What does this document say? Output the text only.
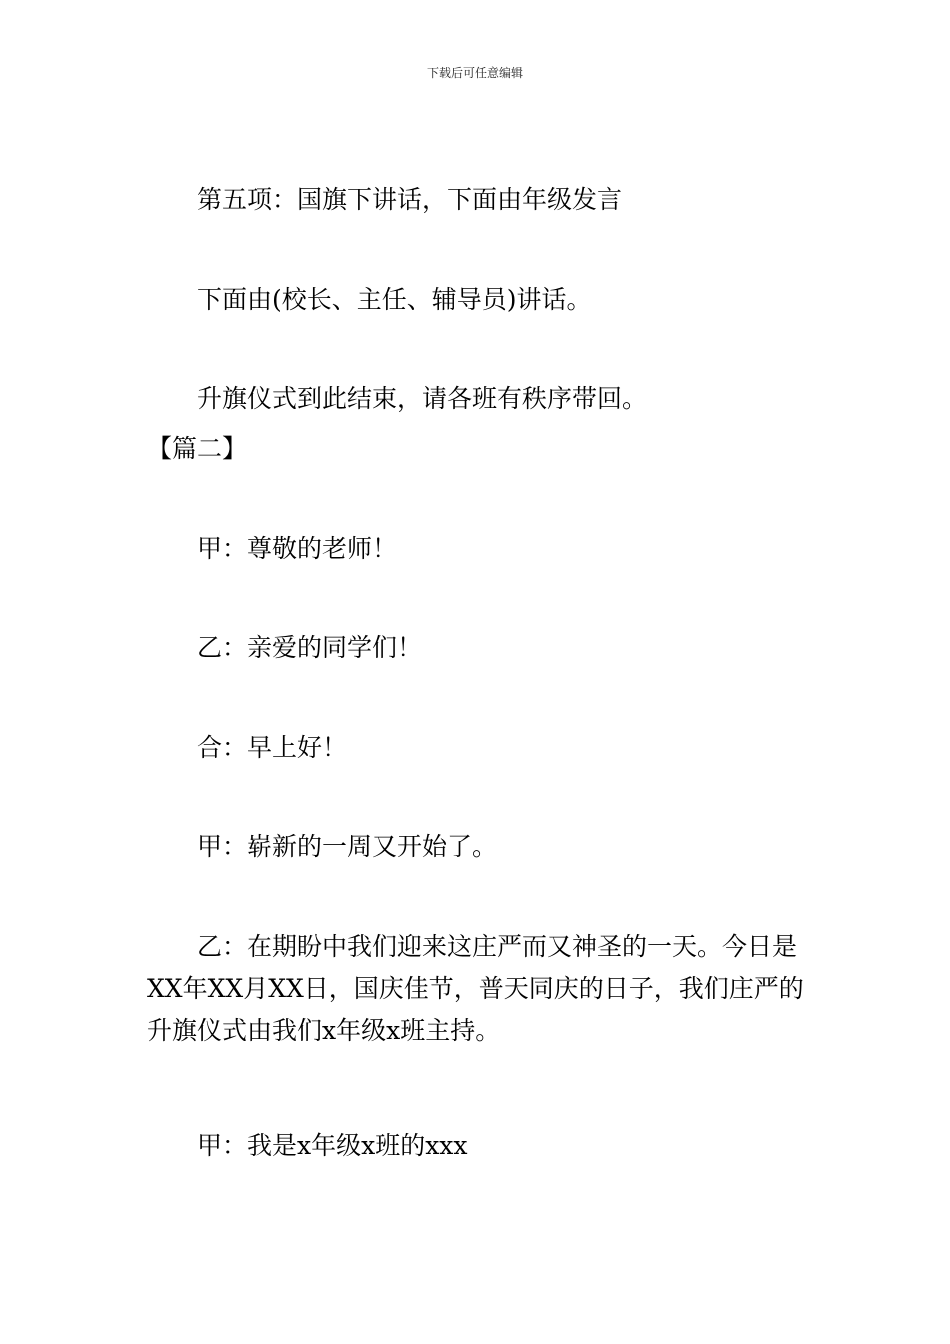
下载后可任意编辑
第五项：国旗下讲话，下面由年级发言
下面由(校长、主任、辅导员)讲话。
升旗仪式到此结束，请各班有秩序带回。
【篇二】
甲：尊敬的老师！
乙：亲爱的同学们！
合：早上好！
甲：崭新的一周又开始了。
乙：在期盼中我们迎来这庄严而又神圣的一天。今日是XX年XX月XX日，国庆佳节，普天同庆的日子，我们庄严的升旗仪式由我们x年级x班主持。
甲：我是x年级x班的xxx
